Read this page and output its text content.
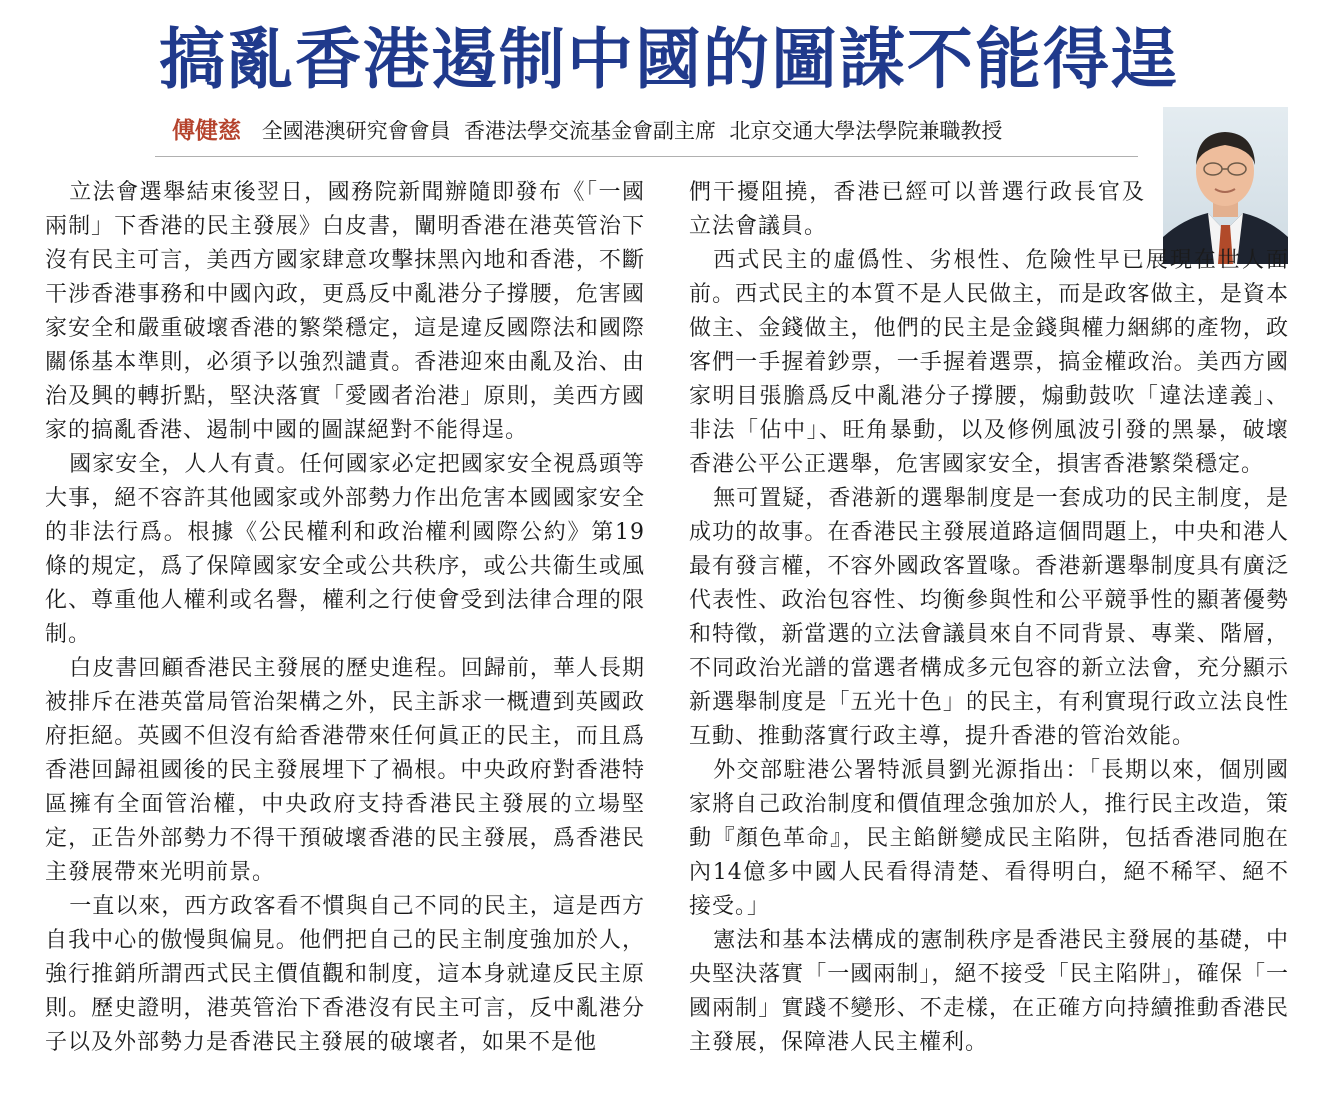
搞亂香港遏制中國的圖謀不能得逞
傅健慈 全國港澳研究會會員  香港法學交流基金會副主席  北京交通大學法學院兼職教授

立法會選舉結束後翌日，國務院新聞辦隨即發布《「一國兩制」下香港的民主發展》白皮書，闡明香港在港英管治下沒有民主可言，美西方國家肆意攻擊抹黑內地和香港，不斷干涉香港事務和中國內政，更爲反中亂港分子撐腰，危害國家安全和嚴重破壞香港的繁榮穩定，這是違反國際法和國際關係基本準則，必須予以強烈譴責。香港迎來由亂及治、由治及興的轉折點，堅決落實「愛國者治港」原則，美西方國家的搞亂香港、遏制中國的圖謀絕對不能得逞。

國家安全，人人有責。任何國家必定把國家安全視爲頭等大事，絕不容許其他國家或外部勢力作出危害本國國家安全的非法行爲。根據《公民權利和政治權利國際公約》第19條的規定，爲了保障國家安全或公共秩序，或公共衞生或風化、尊重他人權利或名譽，權利之行使會受到法律合理的限制。

白皮書回顧香港民主發展的歷史進程。回歸前，華人長期被排斥在港英當局管治架構之外，民主訴求一概遭到英國政府拒絕。英國不但沒有給香港帶來任何眞正的民主，而且爲香港回歸祖國後的民主發展埋下了禍根。中央政府對香港特區擁有全面管治權，中央政府支持香港民主發展的立場堅定，正告外部勢力不得干預破壞香港的民主發展，爲香港民主發展帶來光明前景。

一直以來，西方政客看不慣與自己不同的民主，這是西方自我中心的傲慢與偏見。他們把自己的民主制度強加於人，強行推銷所謂西式民主價值觀和制度，這本身就違反民主原則。歷史證明，港英管治下香港沒有民主可言，反中亂港分子以及外部勢力是香港民主發展的破壞者，如果不是他

們干擾阻撓，香港已經可以普選行政長官及立法會議員。

西式民主的虛僞性、劣根性、危險性早已展現在世人面前。西式民主的本質不是人民做主，而是政客做主，是資本做主、金錢做主，他們的民主是金錢與權力綑綁的產物，政客們一手握着鈔票，一手握着選票，搞金權政治。美西方國家明目張膽爲反中亂港分子撐腰，煽動鼓吹「違法達義」、非法「佔中」、旺角暴動，以及修例風波引發的黑暴，破壞香港公平公正選舉，危害國家安全，損害香港繁榮穩定。

無可置疑，香港新的選舉制度是一套成功的民主制度，是成功的故事。在香港民主發展道路這個問題上，中央和港人最有發言權，不容外國政客置喙。香港新選舉制度具有廣泛代表性、政治包容性、均衡參與性和公平競爭性的顯著優勢和特徵，新當選的立法會議員來自不同背景、專業、階層，不同政治光譜的當選者構成多元包容的新立法會，充分顯示新選舉制度是「五光十色」的民主，有利實現行政立法良性互動、推動落實行政主導，提升香港的管治效能。

外交部駐港公署特派員劉光源指出：「長期以來，個別國家將自己政治制度和價值理念強加於人，推行民主改造，策動『顏色革命』，民主餡餅變成民主陷阱，包括香港同胞在內14億多中國人民看得清楚、看得明白，絕不稀罕、絕不接受。」

憲法和基本法構成的憲制秩序是香港民主發展的基礎，中央堅決落實「一國兩制」，絕不接受「民主陷阱」，確保「一國兩制」實踐不變形、不走樣，在正確方向持續推動香港民主發展，保障港人民主權利。
